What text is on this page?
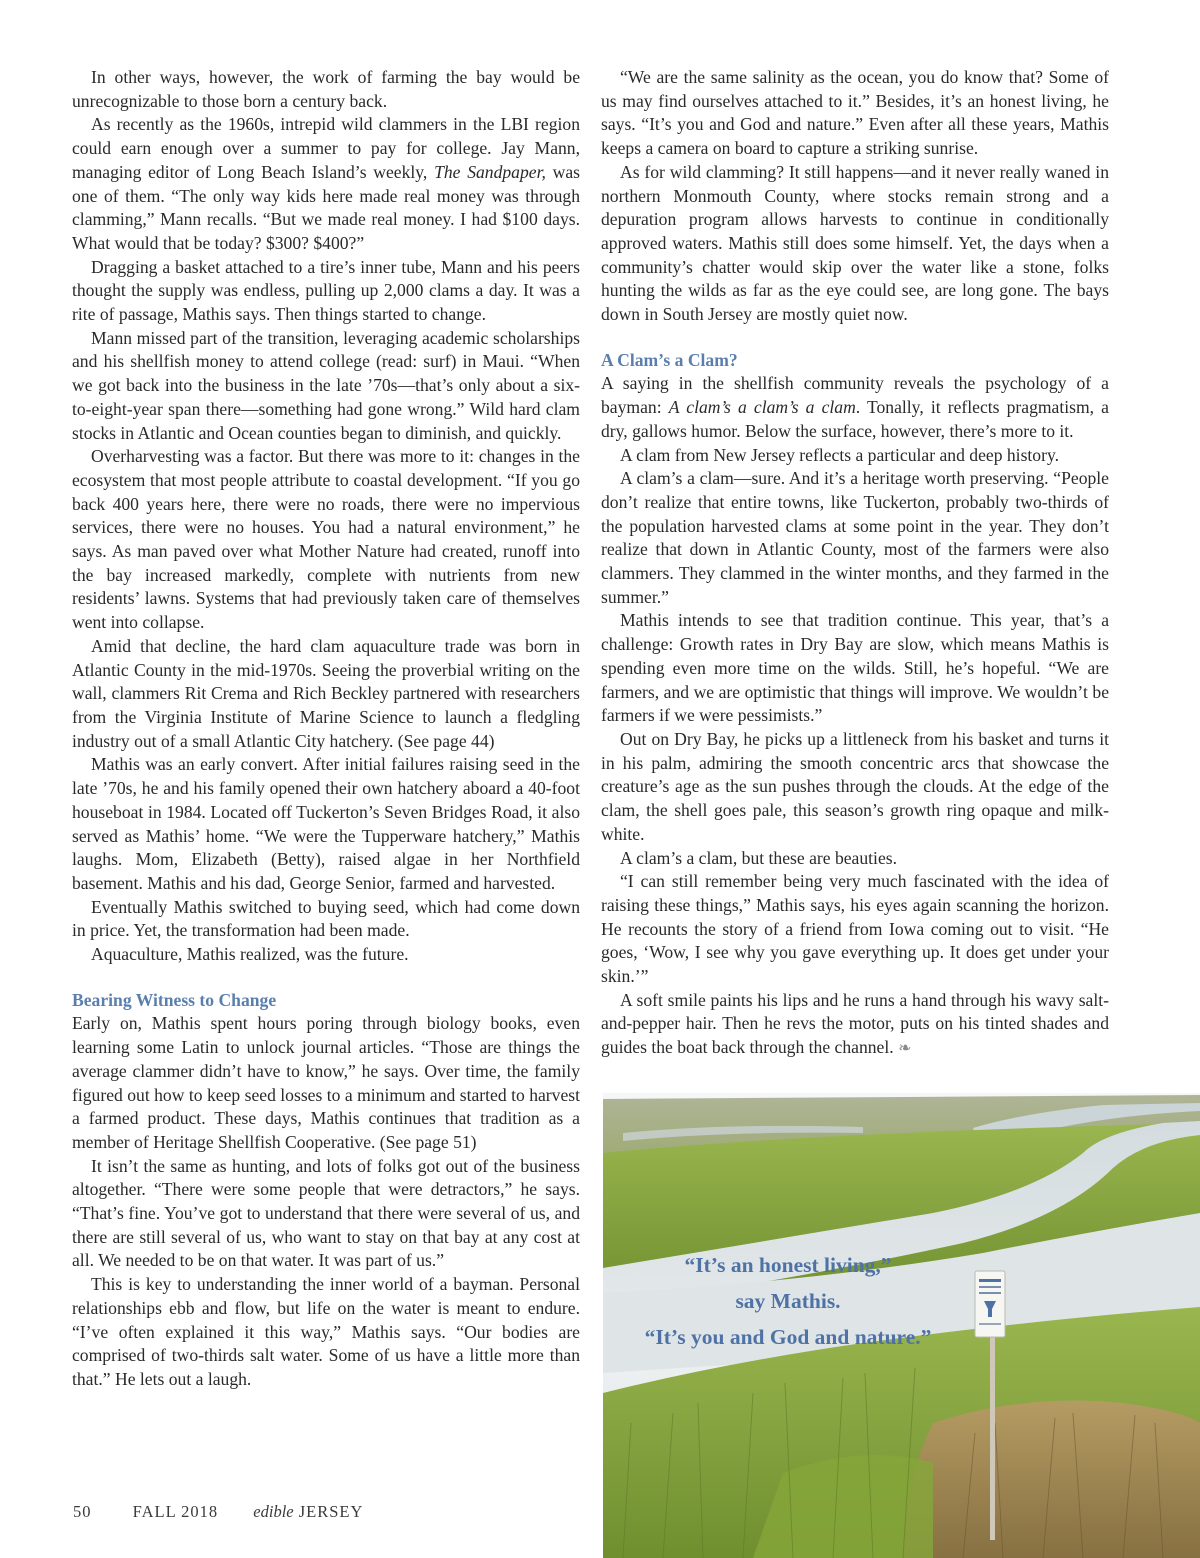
In other ways, however, the work of farming the bay would be unrecognizable to those born a century back.

As recently as the 1960s, intrepid wild clammers in the LBI region could earn enough over a summer to pay for college. Jay Mann, managing editor of Long Beach Island’s weekly, The Sandpaper, was one of them. “The only way kids here made real money was through clamming,” Mann recalls. “But we made real money. I had $100 days. What would that be today? $300? $400?”

Dragging a basket attached to a tire’s inner tube, Mann and his peers thought the supply was endless, pulling up 2,000 clams a day. It was a rite of passage, Mathis says. Then things started to change.

Mann missed part of the transition, leveraging academic scholarships and his shellfish money to attend college (read: surf) in Maui. “When we got back into the business in the late ’70s—that’s only about a six-to-eight-year span there—something had gone wrong.” Wild hard clam stocks in Atlantic and Ocean counties began to diminish, and quickly.

Overharvesting was a factor. But there was more to it: changes in the ecosystem that most people attribute to coastal development. “If you go back 400 years here, there were no roads, there were no impervious services, there were no houses. You had a natural environment,” he says. As man paved over what Mother Nature had created, runoff into the bay increased markedly, complete with nutrients from new residents’ lawns. Systems that had previously taken care of themselves went into collapse.

Amid that decline, the hard clam aquaculture trade was born in Atlantic County in the mid-1970s. Seeing the proverbial writing on the wall, clammers Rit Crema and Rich Beckley partnered with researchers from the Virginia Institute of Marine Science to launch a fledgling industry out of a small Atlantic City hatchery. (See page 44)

Mathis was an early convert. After initial failures raising seed in the late ’70s, he and his family opened their own hatchery aboard a 40-foot houseboat in 1984. Located off Tuckerton’s Seven Bridges Road, it also served as Mathis’ home. “We were the Tupperware hatchery,” Mathis laughs. Mom, Elizabeth (Betty), raised algae in her Northfield basement. Mathis and his dad, George Senior, farmed and harvested.

Eventually Mathis switched to buying seed, which had come down in price. Yet, the transformation had been made.

Aquaculture, Mathis realized, was the future.

Bearing Witness to Change

Early on, Mathis spent hours poring through biology books, even learning some Latin to unlock journal articles. “Those are things the average clammer didn’t have to know,” he says. Over time, the family figured out how to keep seed losses to a minimum and started to harvest a farmed product. These days, Mathis continues that tradition as a member of Heritage Shellfish Cooperative. (See page 51)

It isn’t the same as hunting, and lots of folks got out of the business altogether. “There were some people that were detractors,” he says. “That’s fine. You’ve got to understand that there were several of us, and there are still several of us, who want to stay on that bay at any cost at all. We needed to be on that water. It was part of us.”

This is key to understanding the inner world of a bayman. Personal relationships ebb and flow, but life on the water is meant to endure. “I’ve often explained it this way,” Mathis says. “Our bodies are comprised of two-thirds salt water. Some of us have a little more than that.” He lets out a laugh.

“We are the same salinity as the ocean, you do know that? Some of us may find ourselves attached to it.” Besides, it’s an honest living, he says. “It’s you and God and nature.” Even after all these years, Mathis keeps a camera on board to capture a striking sunrise.

As for wild clamming? It still happens—and it never really waned in northern Monmouth County, where stocks remain strong and a depuration program allows harvests to continue in conditionally approved waters. Mathis still does some himself. Yet, the days when a community’s chatter would skip over the water like a stone, folks hunting the wilds as far as the eye could see, are long gone. The bays down in South Jersey are mostly quiet now.

A Clam’s a Clam?

A saying in the shellfish community reveals the psychology of a bayman: A clam’s a clam’s a clam. Tonally, it reflects pragmatism, a dry, gallows humor. Below the surface, however, there’s more to it.

A clam from New Jersey reflects a particular and deep history.

A clam’s a clam—sure. And it’s a heritage worth preserving. “People don’t realize that entire towns, like Tuckerton, probably two-thirds of the population harvested clams at some point in the year. They don’t realize that down in Atlantic County, most of the farmers were also clammers. They clammed in the winter months, and they farmed in the summer.”

Mathis intends to see that tradition continue. This year, that’s a challenge: Growth rates in Dry Bay are slow, which means Mathis is spending even more time on the wilds. Still, he’s hopeful. “We are farmers, and we are optimistic that things will improve. We wouldn’t be farmers if we were pessimists.”

Out on Dry Bay, he picks up a littleneck from his basket and turns it in his palm, admiring the smooth concentric arcs that showcase the creature’s age as the sun pushes through the clouds. At the edge of the clam, the shell goes pale, this season’s growth ring opaque and milk-white.

A clam’s a clam, but these are beauties.

“I can still remember being very much fascinated with the idea of raising these things,” Mathis says, his eyes again scanning the horizon. He recounts the story of a friend from Iowa coming out to visit. “He goes, ‘Wow, I see why you gave everything up. It does get under your skin.’”

A soft smile paints his lips and he runs a hand through his wavy salt-and-pepper hair. Then he revs the motor, puts on his tinted shades and guides the boat back through the channel. ❧

“It’s an honest living,”
say Mathis.
“It’s you and God and nature.”
50 FALL 2018 edible JERSEY
